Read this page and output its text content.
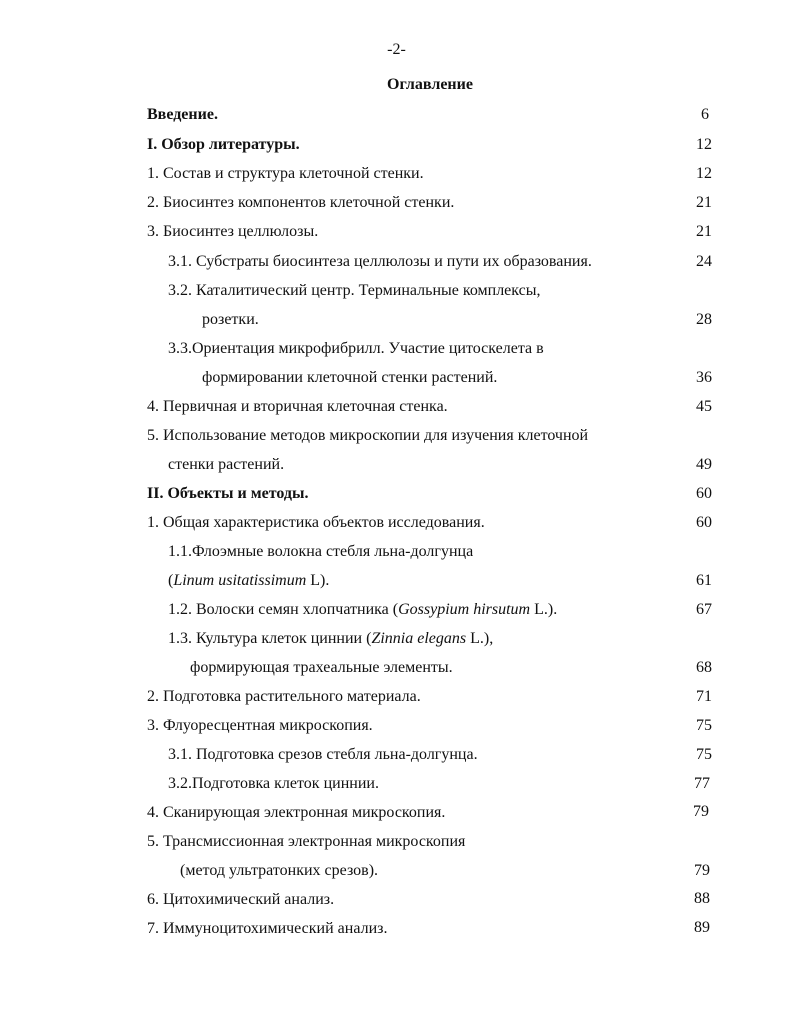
-2-
Оглавление
Введение.	6
I. Обзор литературы.	12
1. Состав и структура клеточной стенки.	12
2. Биосинтез компонентов клеточной стенки.	21
3. Биосинтез целлюлозы.	21
3.1. Субстраты биосинтеза целлюлозы и пути их образования.	24
3.2. Каталитический центр. Терминальные комплексы,
розетки.	28
3.3.Ориентация микрофибрилл. Участие цитоскелета в
формировании клеточной стенки растений.	36
4. Первичная и вторичная клеточная стенка.	45
5. Использование методов микроскопии для изучения клеточной
стенки растений.	49
II. Объекты и методы.	60
1. Общая характеристика объектов исследования.	60
1.1.Флоэмные волокна стебля льна-долгунца
(Linum usitatissimum L).	61
1.2. Волоски семян хлопчатника (Gossypium hirsutum L.).	67
1.3. Культура клеток циннии (Zinnia elegans L.),
формирующая трахеальные элементы.	68
2. Подготовка растительного материала.	71
3. Флуоресцентная микроскопия.	75
3.1. Подготовка срезов стебля льна-долгунца.	75
3.2.Подготовка клеток циннии.	77
4. Сканирующая электронная микроскопия.	79
5. Трансмиссионная электронная микроскопия
(метод ультратонких срезов).	79
6. Цитохимический анализ.	88
7. Иммуноцитохимический анализ.	89
